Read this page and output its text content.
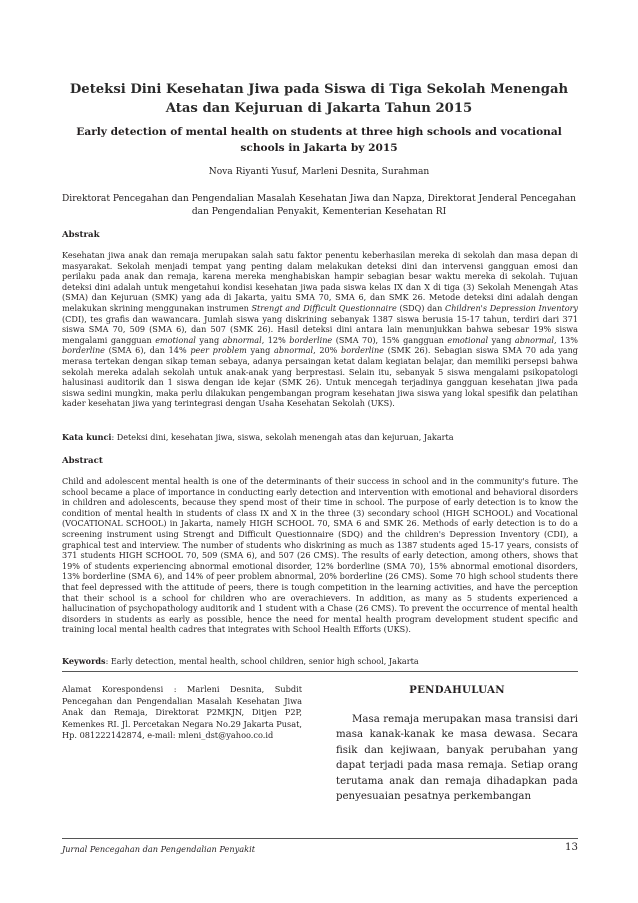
Deteksi Dini Kesehatan Jiwa pada Siswa di Tiga Sekolah Menengah Atas dan Kejuruan di Jakarta Tahun 2015
Early detection of mental health on students at three high schools and vocational schools in Jakarta by 2015
Nova Riyanti Yusuf, Marleni Desnita, Surahman
Direktorat Pencegahan dan Pengendalian Masalah Kesehatan Jiwa dan Napza, Direktorat Jenderal Pencegahan dan Pengendalian Penyakit, Kementerian Kesehatan RI
Abstrak
Kesehatan jiwa anak dan remaja merupakan salah satu faktor penentu keberhasilan mereka di sekolah dan masa depan di masyarakat. Sekolah menjadi tempat yang penting dalam melakukan deteksi dini dan intervensi gangguan emosi dan perilaku pada anak dan remaja, karena mereka menghabiskan hampir sebagian besar waktu mereka di sekolah. Tujuan deteksi dini adalah untuk mengetahui kondisi kesehatan jiwa pada siswa kelas IX dan X di tiga (3) Sekolah Menengah Atas (SMA) dan Kejuruan (SMK) yang ada di Jakarta, yaitu SMA 70, SMA 6, dan SMK 26. Metode deteksi dini adalah dengan melakukan skrining menggunakan instrumen Strengt and Difficult Questionnaire (SDQ) dan Children's Depression Inventory (CDI), tes grafis dan wawancara. Jumlah siswa yang diskrining sebanyak 1387 siswa berusia 15-17 tahun, terdiri dari 371 siswa SMA 70, 509 (SMA 6), dan 507 (SMK 26). Hasil deteksi dini antara lain menunjukkan bahwa sebesar 19% siswa mengalami gangguan emotional yang abnormal, 12% borderline (SMA 70), 15% gangguan emotional yang abnormal, 13% borderline (SMA 6), dan 14% peer problem yang abnormal, 20% borderline (SMK 26). Sebagian siswa SMA 70 ada yang merasa tertekan dengan sikap teman sebaya, adanya persaingan ketat dalam kegiatan belajar, dan memiliki persepsi bahwa sekolah mereka adalah sekolah untuk anak-anak yang berprestasi. Selain itu, sebanyak 5 siswa mengalami psikopatologi halusinasi auditorik dan 1 siswa dengan ide kejar (SMK 26). Untuk mencegah terjadinya gangguan kesehatan jiwa pada siswa sedini mungkin, maka perlu dilakukan pengembangan program kesehatan jiwa siswa yang lokal spesifik dan pelatihan kader kesehatan jiwa yang terintegrasi dengan Usaha Kesehatan Sekolah (UKS).
Kata kunci: Deteksi dini, kesehatan jiwa, siswa, sekolah menengah atas dan kejuruan, Jakarta
Abstract
Child and adolescent mental health is one of the determinants of their success in school and in the community's future. The school became a place of importance in conducting early detection and intervention with emotional and behavioral disorders in children and adolescents, because they spend most of their time in school. The purpose of early detection is to know the condition of mental health in students of class IX and X in the three (3) secondary school (HIGH SCHOOL) and Vocational (VOCATIONAL SCHOOL) in Jakarta, namely HIGH SCHOOL 70, SMA 6 and SMK 26. Methods of early detection is to do a screening instrument using Strengt and Difficult Questionnaire (SDQ) and the children's Depression Inventory (CDI), a graphical test and interview. The number of students who diskrining as much as 1387 students aged 15-17 years, consists of 371 students HIGH SCHOOL 70, 509 (SMA 6), and 507 (26 CMS). The results of early detection, among others, shows that 19% of students experiencing abnormal emotional disorder, 12% borderline (SMA 70), 15% abnormal emotional disorders, 13% borderline (SMA 6), and 14% of peer problem abnormal, 20% borderline (26 CMS). Some 70 high school students there that feel depressed with the attitude of peers, there is tough competition in the learning activities, and have the perception that their school is a school for children who are overachievers. In addition, as many as 5 students experienced a hallucination of psychopathology auditorik and 1 student with a Chase (26 CMS). To prevent the occurrence of mental health disorders in students as early as possible, hence the need for mental health program development student specific and training local mental health cadres that integrates with School Health Efforts (UKS).
Keywords: Early detection, mental health, school children, senior high school, Jakarta
Alamat Korespondensi : Marleni Desnita, Subdit Pencegahan dan Pengendalian Masalah Kesehatan Jiwa Anak dan Remaja, Direktorat P2MKJN, Ditjen P2P, Kemenkes RI. Jl. Percetakan Negara No.29 Jakarta Pusat, Hp. 081222142874, e-mail: mleni_dst@yahoo.co.id
PENDAHULUAN
Masa remaja merupakan masa transisi dari masa kanak-kanak ke masa dewasa. Secara fisik dan kejiwaan, banyak perubahan yang dapat terjadi pada masa remaja. Setiap orang terutama anak dan remaja dihadapkan pada penyesuaian pesatnya perkembangan
Jurnal Pencegahan dan Pengendalian Penyakit	13
